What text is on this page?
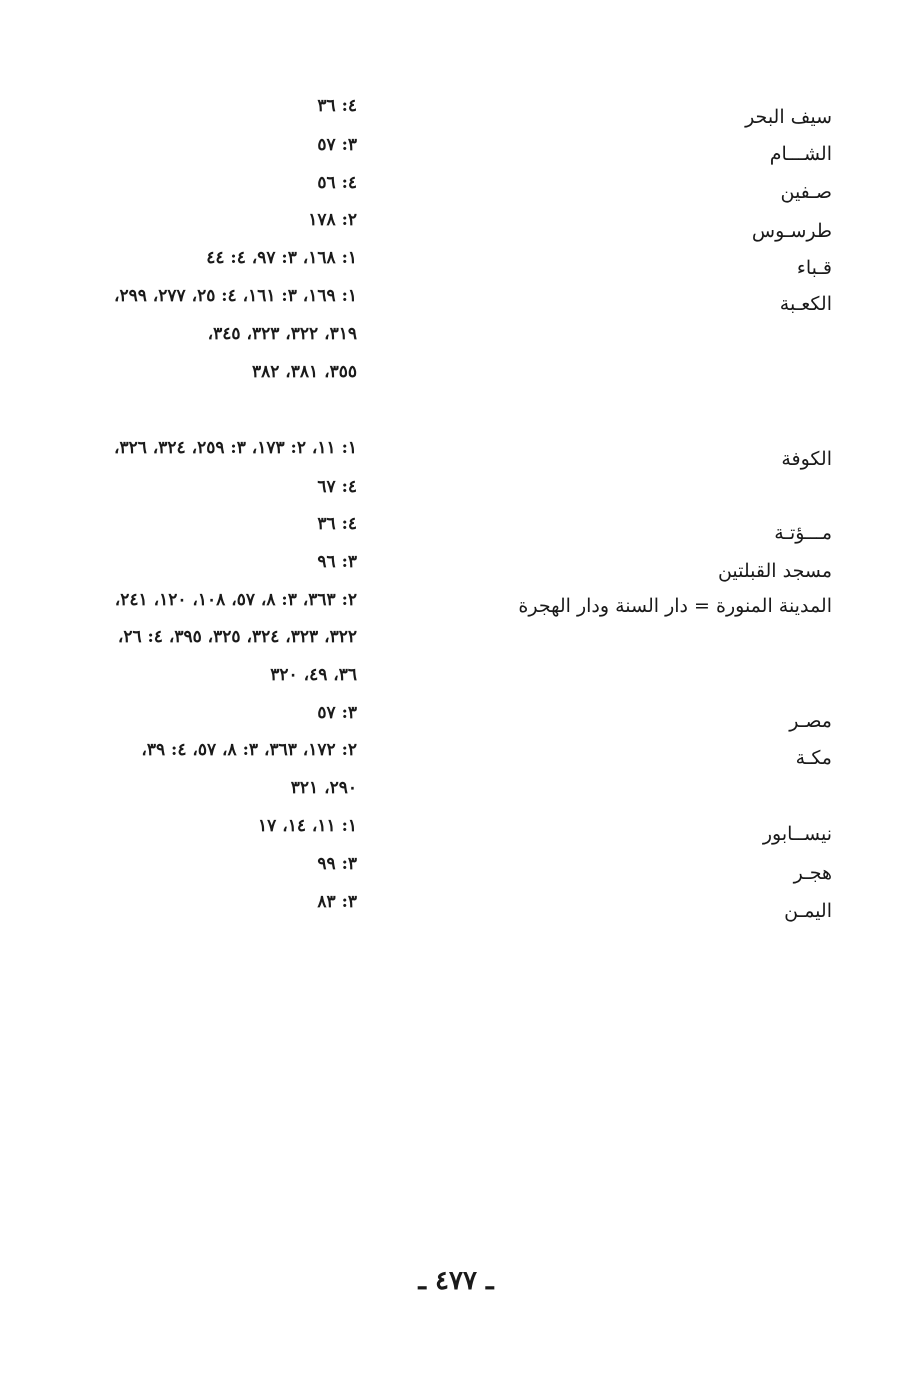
سيف البحر
الشـــام
صـفين
طرسـوس
قـباء
الكعـبة
الكوفة
مـــؤتـة
مسجد القبلتين
المدينة المنورة = دار السنة ودار الهجرة
مصـر
مكـة
نيســابور
هجـر
اليمـن
٤: ٣٦
٣: ٥٧
٤: ٥٦
٢: ١٧٨
١: ١٦٨، ٣: ٩٧، ٤: ٤٤
١: ١٦٩، ٣: ١٦١، ٤: ٢٥، ٢٧٧، ٢٩٩،
٣١٩، ٣٢٢، ٣٢٣، ٣٤٥،
٣٥٥، ٣٨١، ٣٨٢
١: ١١، ٢: ١٧٣، ٣: ٢٥٩، ٣٢٤، ٣٢٦،
٤: ٦٧
٤: ٣٦
٣: ٩٦
٢: ٣٦٣، ٣: ٨، ٥٧، ١٠٨، ١٢٠، ٢٤١،
٣٢٢، ٣٢٣، ٣٢٤، ٣٢٥، ٣٩٥، ٤: ٢٦،
٣٦، ٤٩، ٣٢٠
٣: ٥٧
٢: ١٧٢، ٣٦٣، ٣: ٨، ٥٧، ٤: ٣٩،
٢٩٠، ٣٢١
١: ١١، ١٤، ١٧
٣: ٩٩
٣: ٨٣
ـ ٤٧٧ ـ
